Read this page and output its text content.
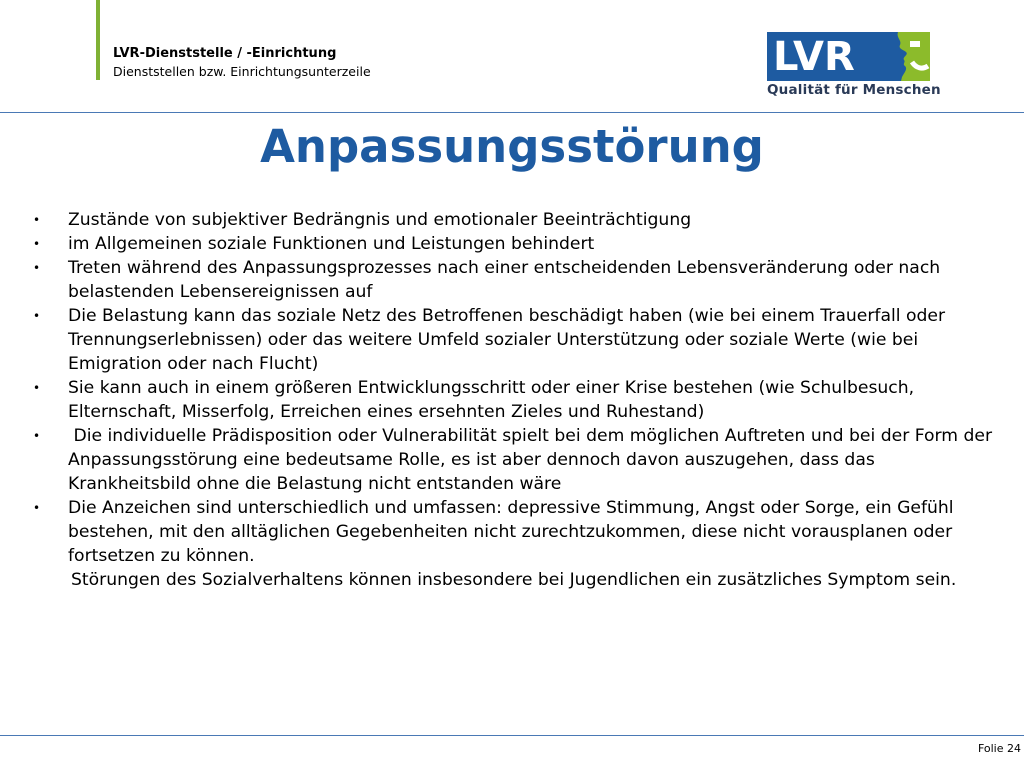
LVR-Dienststelle / -Einrichtung
Dienststellen bzw. Einrichtungsunterzeile	LVR
Qualität für Menschen
Anpassungsstörung
• Zustände von subjektiver Bedrängnis und emotionaler Beeinträchtigung
• im Allgemeinen soziale Funktionen und Leistungen behindert
• Treten während des Anpassungsprozesses nach einer entscheidenden Lebensveränderung oder nach belastenden Lebensereignissen auf
• Die Belastung kann das soziale Netz des Betroffenen beschädigt haben (wie bei einem Trauerfall oder Trennungserlebnissen) oder das weitere Umfeld sozialer Unterstützung oder soziale Werte (wie bei Emigration oder nach Flucht)
• Sie kann auch in einem größeren Entwicklungsschritt oder einer Krise bestehen (wie Schulbesuch, Elternschaft, Misserfolg, Erreichen eines ersehnten Zieles und Ruhestand)
• Die individuelle Prädisposition oder Vulnerabilität spielt bei dem möglichen Auftreten und bei der Form der Anpassungsstörung eine bedeutsame Rolle, es ist aber dennoch davon auszugehen, dass das Krankheitsbild ohne die Belastung nicht entstanden wäre
• Die Anzeichen sind unterschiedlich und umfassen: depressive Stimmung, Angst oder Sorge, ein Gefühl bestehen, mit den alltäglichen Gegebenheiten nicht zurechtzukommen, diese nicht vorausplanen oder fortsetzen zu können.

Störungen des Sozialverhaltens können insbesondere bei Jugendlichen ein zusätzliches Symptom sein.

Folie 24
